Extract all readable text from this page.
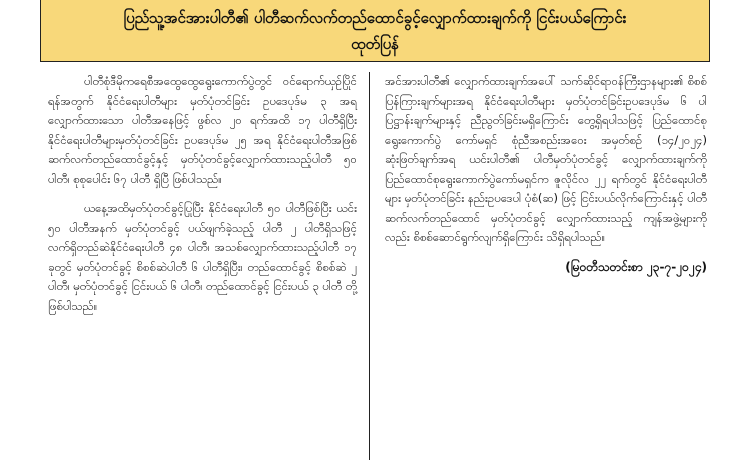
ပြည်သူ့အင်အားပါတီ၏ ပါတီဆက်လက်တည်ထောင်ခွင့်လျှောက်ထားချက်ကို ငြင်းပယ်ကြောင်း
ထုတ်ပြန်

ပါတီစုံဒီမိုကရေစီအထွေထွေရွေးကောက်ပွဲတွင် ဝင်ရောက်ယှဉ်ပြိုင်ရန်အတွက် နိုင်ငံရေးပါတီများ မှတ်ပုံတင်ခြင်း ဥပဒေပုဒ်မ ၃ အရ လျှောက်ထားသော ပါတီအနေဖြင့် ဖွစ်လ ၂၀ ရက်အထိ ၁၇ ပါတီရှိပြီး နိုင်ငံရေးပါတီများမှတ်ပုံတင်ခြင်း ဥပဒေပုဒ်မ ၂၅ အရ နိုင်ငံရေးပါတီအဖြစ် ဆက်လက်တည်ထောင်ခွင့်နှင့် မှတ်ပုံတင်ခွင့်လျှောက်ထားသည့်ပါတီ ၅၀ ပါတီ၊ စုစုပေါင်း ၆၇ ပါတီ ရှိပြီ ဖြစ်ပါသည်။

ယနေ့အထိမှတ်ပုံတင်ခွင့်ပြုပြီး နိုင်ငံရေးပါတီ ၅၀ ပါတီဖြစ်ပြီး ယင်း ၅၀ ပါတီအနက် မှတ်ပုံတင်ခွင့် ပယ်ဖျက်ခဲ့သည့် ပါတီ ၂ ပါတီရှိသဖြင့် လက်ရှိတည်ဆဲနိုင်ငံရေးပါတီ ၄၈ ပါတီ၊ အသစ်လျှောက်ထားသည့်ပါတီ ၁၇ ခုတွင် မှတ်ပုံတင်ခွင့် စိစစ်ဆဲပါတီ ၆ ပါတီရှိပြီး၊ တည်ထောင်ခွင့် စိစစ်ဆဲ ၂ ပါတီ၊ မှတ်ပုံတင်ခွင့် ငြင်းပယ် ၆ ပါတီ၊ တည်ထောင်ခွင့် ငြင်းပယ် ၃ ပါတီ တို့ ဖြစ်ပါသည်။

အင်အားပါတီ၏ လျှောက်ထားချက်အပေါ် သက်ဆိုင်ရာဝန်ကြီးဌာနများ၏ စိစစ်ပြန်ကြားချက်များအရ နိုင်ငံရေးပါတီများ မှတ်ပုံတင်ခြင်းဥပဒေပုဒ်မ ၆ ပါ ပြဋ္ဌာန်းချက်များနှင့် ညီညွတ်ခြင်းမရှိကြောင်း တွေ့ရှိရပါသဖြင့် ပြည်ထောင်စုရွေးကောက်ပွဲ ကော်မရှင် စုံညီအစည်းအဝေး အမှတ်စဉ် (၁၄/၂၀၂၄) ဆုံးဖြတ်ချက်အရ ယင်းပါတီ၏ ပါတီမှတ်ပုံတင်ခွင့် လျှောက်ထားချက်ကို ပြည်ထောင်စုရွေးကောက်ပွဲကော်မရှင်က ဇူလိုင်လ ၂၂ ရက်တွင် နိုင်ငံရေးပါတီများ မှတ်ပုံတင်ခြင်း နည်းဥပဒေပါ ပုံစံ(ဆ) ဖြင့် ငြင်းပယ်လိုက်ကြောင်းနှင့် ပါတီဆက်လက်တည်ထောင် မှတ်ပုံတင်ခွင့် လျှောက်ထားသည့် ကျန်အဖွဲ့များကိုလည်း စိစစ်ဆောင်ရွက်လျက်ရှိကြောင်း သိရှိရပါသည်။

(မြဝတီသတင်းစာ ၂၃-၇-၂၀၂၄)
